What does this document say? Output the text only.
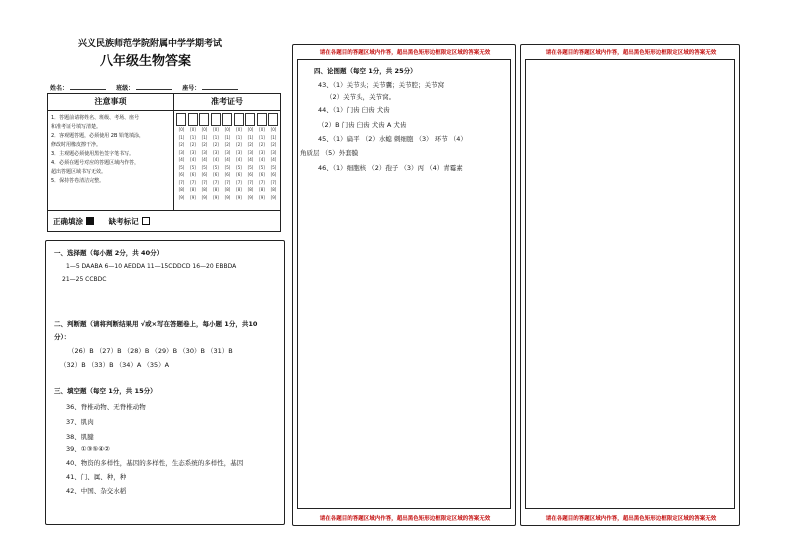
兴义民族师范学院附属中学学期考试
八年级生物答案
姓名：	班级：	座号：
注意事项
1．答题前请将姓名、班级、考场、座号
和准考证号填写清楚。
2．客观题答题，必须使用 2B 铅笔填涂，
修改时用橡皮擦干净。
3．主观题必须使用黑色签字笔书写。
4．必须在题号对应的答题区域内作答，
超出答题区域书写无效。
5．保持答卷清洁完整。
准考证号
[0]
[1]
[2]
[3]
[4]
[5]
[6]
[7]
[8]
[9]
[0]
[1]
[2]
[3]
[4]
[5]
[6]
[7]
[8]
[9]
[0]
[1]
[2]
[3]
[4]
[5]
[6]
[7]
[8]
[9]
[0]
[1]
[2]
[3]
[4]
[5]
[6]
[7]
[8]
[9]
[0]
[1]
[2]
[3]
[4]
[5]
[6]
[7]
[8]
[9]
[0]
[1]
[2]
[3]
[4]
[5]
[6]
[7]
[8]
[9]
[0]
[1]
[2]
[3]
[4]
[5]
[6]
[7]
[8]
[9]
[0]
[1]
[2]
[3]
[4]
[5]
[6]
[7]
[8]
[9]
[0]
[1]
[2]
[3]
[4]
[5]
[6]
[7]
[8]
[9]
正确填涂	缺考标记
一、选择题（每小题 2分，共 40分）
1—5 DAABA 6—10 AEDDA 11—15CDDCD 16—20 EBBDA
21—25 CCBDC
二、判断题（请将判断结果用 √或×写在答题卷上，每小题 1分，共10
分）：
（26）B （27）B （28）B （29）B （30）B （31）B
（32）B （33）B （34）A （35）A
三、填空题（每空 1分，共 15分）
36、脊椎动物、无脊椎动物
37、肌肉
38、肌腱
39、①③⑤④②
40、物资的多样性，基因的多样性，生态系统的多样性，基因
41、门、属、种，种
42、中国、杂交水稻
请在各题目的答题区域内作答，超出黑色矩形边框限定区域的答案无效
四、论图题（每空 1分，共 25分）
43、（1）关节头；关节囊；关节腔；关节窝
（2）关节头，关节窝。
44、（1）门齿 臼齿 犬齿
（2）B 门齿 臼齿 犬齿 A 犬齿
45、（1）扁平 （2）水螅 刺细胞 （3） 环节 （4）
角质层 （5）外套膜
46、（1）细胞核 （2）孢子 （3）丙 （4）青霉素
请在各题目的答题区域内作答，超出黑色矩形边框限定区域的答案无效
请在各题目的答题区域内作答，超出黑色矩形边框限定区域的答案无效
请在各题目的答题区域内作答，超出黑色矩形边框限定区域的答案无效
